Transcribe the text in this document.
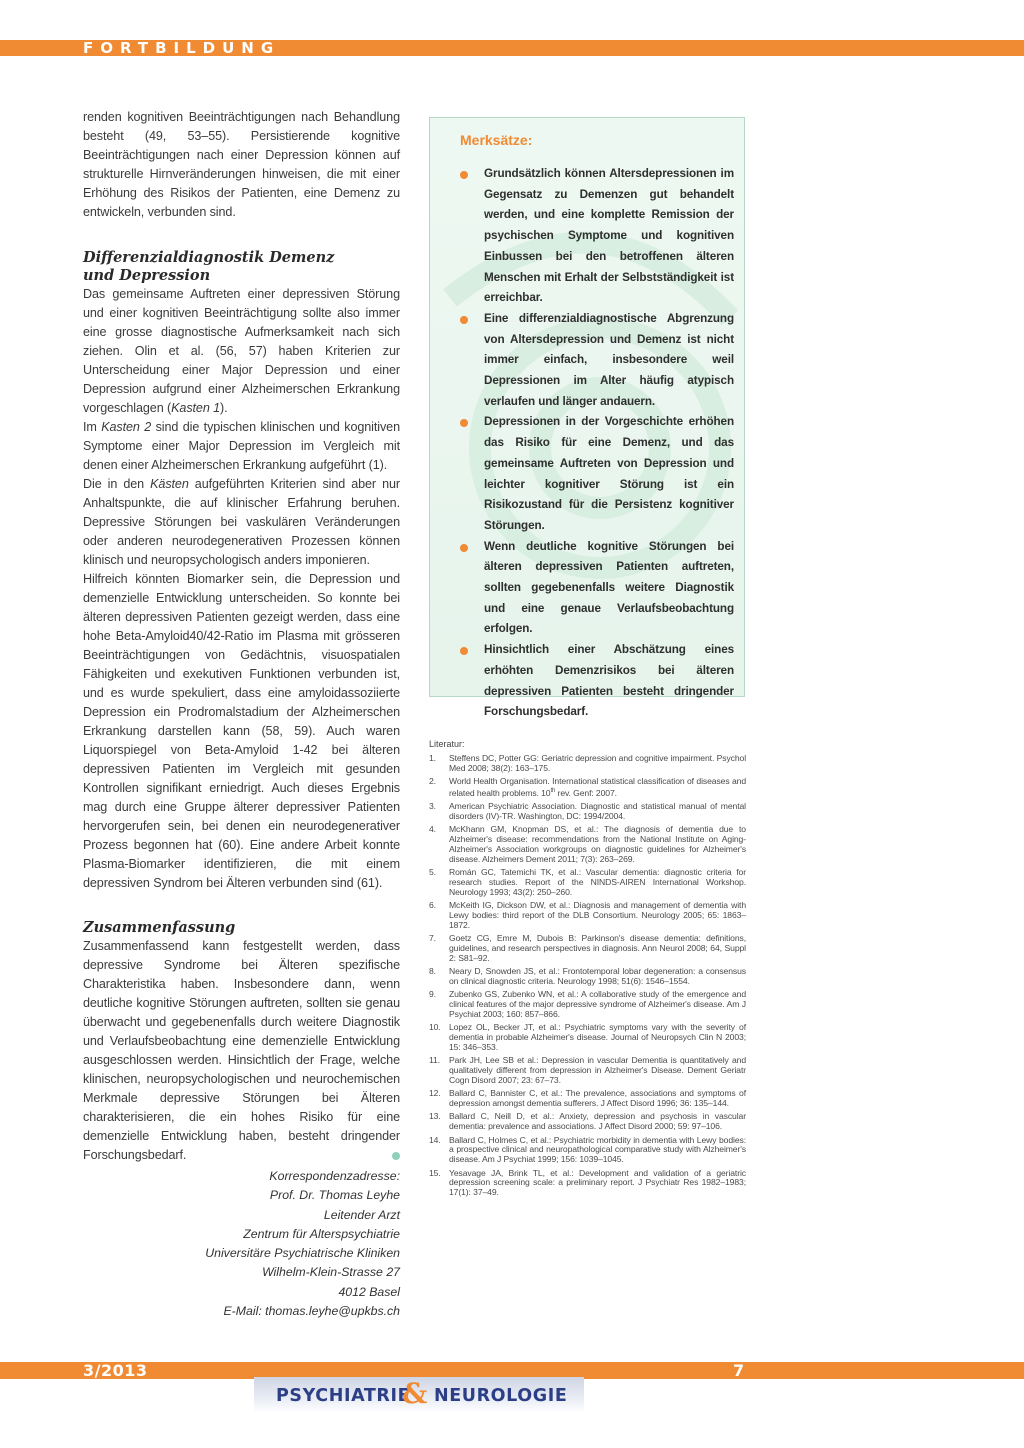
FORTBILDUNG

renden kognitiven Beeinträchtigungen nach Behandlung besteht (49, 53–55). Persistierende kognitive Beeinträchtigungen nach einer Depression können auf strukturelle Hirnveränderungen hinweisen, die mit einer Erhöhung des Risikos der Patienten, eine Demenz zu entwickeln, verbunden sind.

Differenzialdiagnostik Demenz
und Depression

Das gemeinsame Auftreten einer depressiven Störung und einer kognitiven Beeinträchtigung sollte also immer eine grosse diagnostische Aufmerksamkeit nach sich ziehen. Olin et al. (56, 57) haben Kriterien zur Unterscheidung einer Major Depression und einer Depression aufgrund einer Alzheimerschen Erkrankung vorgeschlagen (Kasten 1).

Im Kasten 2 sind die typischen klinischen und kognitiven Symptome einer Major Depression im Vergleich mit denen einer Alzheimerschen Erkrankung aufgeführt (1).

Die in den Kästen aufgeführten Kriterien sind aber nur Anhaltspunkte, die auf klinischer Erfahrung beruhen. Depressive Störungen bei vaskulären Veränderungen oder anderen neurodegenerativen Prozessen können klinisch und neuropsychologisch anders imponieren.

Hilfreich könnten Biomarker sein, die Depression und demenzielle Entwicklung unterscheiden. So konnte bei älteren depressiven Patienten gezeigt werden, dass eine hohe Beta-Amyloid40/42-Ratio im Plasma mit grösseren Beeinträchtigungen von Gedächtnis, visuospatialen Fähigkeiten und exekutiven Funktionen verbunden ist, und es wurde spekuliert, dass eine amyloidassoziierte Depression ein Prodromalstadium der Alzheimerschen Erkrankung darstellen kann (58, 59). Auch waren Liquorspiegel von Beta-Amyloid 1-42 bei älteren depressiven Patienten im Vergleich mit gesunden Kontrollen signifikant erniedrigt. Auch dieses Ergebnis mag durch eine Gruppe älterer depressiver Patienten hervorgerufen sein, bei denen ein neurodegenerativer Prozess begonnen hat (60). Eine andere Arbeit konnte Plasma-Biomarker identifizieren, die mit einem depressiven Syndrom bei Älteren verbunden sind (61).

Zusammenfassung

Zusammenfassend kann festgestellt werden, dass depressive Syndrome bei Älteren spezifische Charakteristika haben. Insbesondere dann, wenn deutliche kognitive Störungen auftreten, sollten sie genau überwacht und gegebenenfalls durch weitere Diagnostik und Verlaufsbeobachtung eine demenzielle Entwicklung ausgeschlossen werden. Hinsichtlich der Frage, welche klinischen, neuropsychologischen und neurochemischen Merkmale depressive Störungen bei Älteren charakterisieren, die ein hohes Risiko für eine demenzielle Entwicklung haben, besteht dringender Forschungsbedarf.

Korrespondenzadresse:
Prof. Dr. Thomas Leyhe
Leitender Arzt
Zentrum für Alterspsychiatrie
Universitäre Psychiatrische Kliniken
Wilhelm-Klein-Strasse 27
4012 Basel
E-Mail: thomas.leyhe@upkbs.ch
Merksätze:
Grundsätzlich können Altersdepressionen im Gegensatz zu Demenzen gut behandelt werden, und eine komplette Remission der psychischen Symptome und kognitiven Einbussen bei den betroffenen älteren Menschen mit Erhalt der Selbstständigkeit ist erreichbar.
Eine differenzialdiagnostische Abgrenzung von Altersdepression und Demenz ist nicht immer einfach, insbesondere weil Depressionen im Alter häufig atypisch verlaufen und länger andauern.
Depressionen in der Vorgeschichte erhöhen das Risiko für eine Demenz, und das gemeinsame Auftreten von Depression und leichter kognitiver Störung ist ein Risikozustand für die Persistenz kognitiver Störungen.
Wenn deutliche kognitive Störungen bei älteren depressiven Patienten auftreten, sollten gegebenenfalls weitere Diagnostik und eine genaue Verlaufsbeobachtung erfolgen.
Hinsichtlich einer Abschätzung eines erhöhten Demenzrisikos bei älteren depressiven Patienten besteht dringender Forschungsbedarf.
Literatur:
1. Steffens DC, Potter GG: Geriatric depression and cognitive impairment. Psychol Med 2008; 38(2): 163–175.
2. World Health Organisation. International statistical classification of diseases and related health problems. 10th rev. Genf: 2007.
3. American Psychiatric Association. Diagnostic and statistical manual of mental disorders (IV)-TR. Washington, DC: 1994/2004.
4. McKhann GM, Knopman DS, et al.: The diagnosis of dementia due to Alzheimer's disease: recommendations from the National Institute on Aging-Alzheimer's Association workgroups on diagnostic guidelines for Alzheimer's disease. Alzheimers Dement 2011; 7(3): 263–269.
5. Román GC, Tatemichi TK, et al.: Vascular dementia: diagnostic criteria for research studies. Report of the NINDS-AIREN International Workshop. Neurology 1993; 43(2): 250–260.
6. McKeith IG, Dickson DW, et al.: Diagnosis and management of dementia with Lewy bodies: third report of the DLB Consortium. Neurology 2005; 65: 1863–1872.
7. Goetz CG, Emre M, Dubois B: Parkinson's disease dementia: definitions, guidelines, and research perspectives in diagnosis. Ann Neurol 2008; 64, Suppl 2: S81–92.
8. Neary D, Snowden JS, et al.: Frontotemporal lobar degeneration: a consensus on clinical diagnostic criteria. Neurology 1998; 51(6): 1546–1554.
9. Zubenko GS, Zubenko WN, et al.: A collaborative study of the emergence and clinical features of the major depressive syndrome of Alzheimer's disease. Am J Psychiat 2003; 160: 857–866.
10. Lopez OL, Becker JT, et al.: Psychiatric symptoms vary with the severity of dementia in probable Alzheimer's disease. Journal of Neuropsych Clin N 2003; 15: 346–353.
11. Park JH, Lee SB et al.: Depression in vascular Dementia is quantitatively and qualitatively different from depression in Alzheimer's Disease. Dement Geriatr Cogn Disord 2007; 23: 67–73.
12. Ballard C, Bannister C, et al.: The prevalence, associations and symptoms of depression amongst dementia sufferers. J Affect Disord 1996; 36: 135–144.
13. Ballard C, Neill D, et al.: Anxiety, depression and psychosis in vascular dementia: prevalence and associations. J Affect Disord 2000; 59: 97–106.
14. Ballard C, Holmes C, et al.: Psychiatric morbidity in dementia with Lewy bodies: a prospective clinical and neuropathological comparative study with Alzheimer's disease. Am J Psychiat 1999; 156: 1039–1045.
15. Yesavage JA, Brink TL, et al.: Development and validation of a geriatric depression screening scale: a preliminary report. J Psychiatr Res 1982–1983; 17(1): 37–49.
3/2013	7
PSYCHIATRIE
& NEUROLOGIE
